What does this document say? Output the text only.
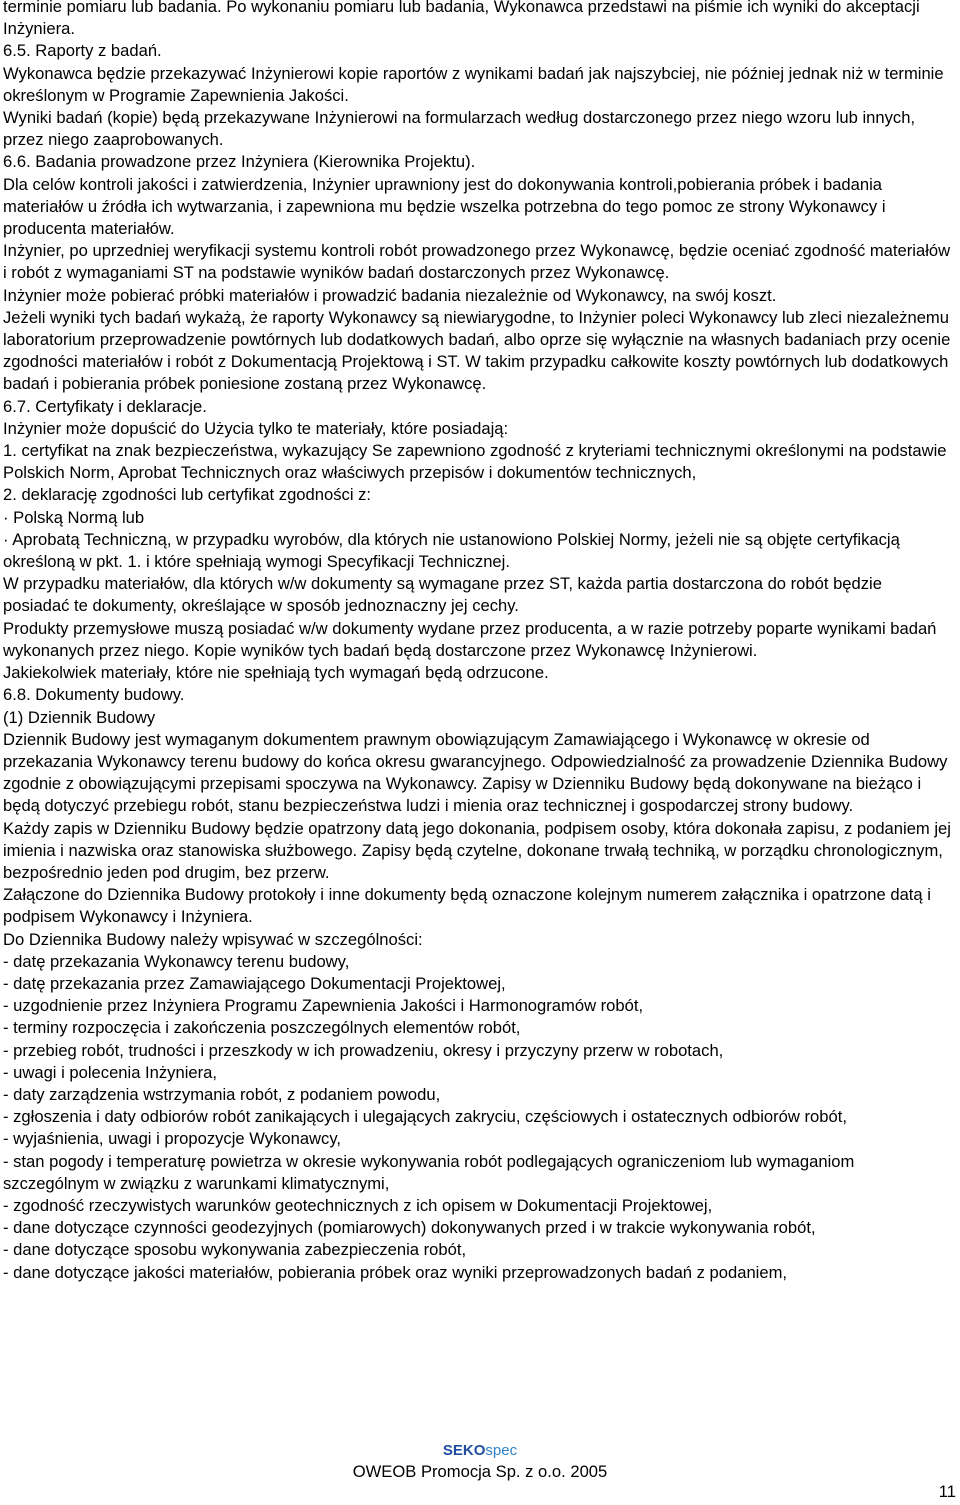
terminie pomiaru lub badania. Po wykonaniu pomiaru lub badania, Wykonawca przedstawi na piśmie ich wyniki do akceptacji Inżyniera.

6.5. Raporty z badań.

Wykonawca będzie przekazywać Inżynierowi kopie raportów z wynikami badań jak najszybciej, nie później jednak niż w terminie określonym w Programie Zapewnienia Jakości.

Wyniki badań (kopie) będą przekazywane Inżynierowi na formularzach według dostarczonego przez niego wzoru lub innych, przez niego zaaprobowanych.

6.6. Badania prowadzone przez Inżyniera (Kierownika Projektu).

Dla celów kontroli jakości i zatwierdzenia, Inżynier uprawniony jest do dokonywania kontroli,pobierania próbek i badania materiałów u źródła ich wytwarzania, i zapewniona mu będzie wszelka potrzebna do tego pomoc ze strony Wykonawcy i producenta materiałów.

Inżynier, po uprzedniej weryfikacji systemu kontroli robót prowadzonego przez Wykonawcę, będzie oceniać zgodność materiałów i robót z wymaganiami ST na podstawie wyników badań dostarczonych przez Wykonawcę.

Inżynier może pobierać próbki materiałów i prowadzić badania niezależnie od Wykonawcy, na swój koszt.

Jeżeli wyniki tych badań wykażą, że raporty Wykonawcy są niewiarygodne, to Inżynier poleci Wykonawcy lub zleci niezależnemu laboratorium przeprowadzenie powtórnych lub dodatkowych badań, albo oprze się wyłącznie na własnych badaniach przy ocenie zgodności materiałów i robót z Dokumentacją Projektową i ST. W takim przypadku całkowite koszty powtórnych lub dodatkowych

badań i pobierania próbek poniesione zostaną przez Wykonawcę.

6.7. Certyfikaty i deklaracje.

Inżynier może dopuścić do Użycia tylko te materiały, które posiadają:

1. certyfikat na znak bezpieczeństwa, wykazujący Se zapewniono zgodność z kryteriami technicznymi określonymi na podstawie Polskich Norm, Aprobat Technicznych oraz właściwych przepisów i dokumentów technicznych,

2. deklarację zgodności lub certyfikat zgodności z:

· Polską Normą lub

· Aprobatą Techniczną, w przypadku wyrobów, dla których nie ustanowiono Polskiej Normy, jeżeli nie są objęte certyfikacją określoną w pkt. 1. i które spełniają wymogi Specyfikacji Technicznej.

W przypadku materiałów, dla których w/w dokumenty są wymagane przez ST, każda partia dostarczona do robót będzie posiadać te dokumenty, określające w sposób jednoznaczny jej cechy.

Produkty przemysłowe muszą posiadać w/w dokumenty wydane przez producenta, a w razie potrzeby poparte wynikami badań wykonanych przez niego. Kopie wyników tych badań będą dostarczone przez Wykonawcę Inżynierowi.

Jakiekolwiek materiały, które nie spełniają tych wymagań będą odrzucone.

6.8. Dokumenty budowy.

(1) Dziennik Budowy

Dziennik Budowy jest wymaganym dokumentem prawnym obowiązującym Zamawiającego i Wykonawcę w okresie od przekazania Wykonawcy terenu budowy do końca okresu gwarancyjnego. Odpowiedzialność za prowadzenie Dziennika Budowy zgodnie z obowiązującymi przepisami spoczywa na Wykonawcy. Zapisy w Dzienniku Budowy będą dokonywane na bieżąco i będą dotyczyć przebiegu robót, stanu bezpieczeństwa ludzi i mienia oraz technicznej i gospodarczej strony budowy.

Każdy zapis w Dzienniku Budowy będzie opatrzony datą jego dokonania, podpisem osoby, która dokonała zapisu, z podaniem jej imienia i nazwiska oraz stanowiska służbowego. Zapisy będą czytelne, dokonane trwałą techniką, w porządku chronologicznym, bezpośrednio jeden pod drugim, bez przerw.

Załączone do Dziennika Budowy protokoły i inne dokumenty będą oznaczone kolejnym numerem załącznika i opatrzone datą i podpisem Wykonawcy i Inżyniera.

Do Dziennika Budowy należy wpisywać w szczególności:

- datę przekazania Wykonawcy terenu budowy,

- datę przekazania przez Zamawiającego Dokumentacji Projektowej,

- uzgodnienie przez Inżyniera Programu Zapewnienia Jakości i Harmonogramów robót,

- terminy rozpoczęcia i zakończenia poszczególnych elementów robót,

- przebieg robót, trudności i przeszkody w ich prowadzeniu, okresy i przyczyny przerw w robotach,

- uwagi i polecenia Inżyniera,

- daty zarządzenia wstrzymania robót, z podaniem powodu,

- zgłoszenia i daty odbiorów robót zanikających i ulegających zakryciu, częściowych i ostatecznych odbiorów robót,

- wyjaśnienia, uwagi i propozycje Wykonawcy,

- stan pogody i temperaturę powietrza w okresie wykonywania robót podlegających ograniczeniom lub wymaganiom szczególnym w związku z warunkami klimatycznymi,

- zgodność rzeczywistych warunków geotechnicznych z ich opisem w Dokumentacji Projektowej,

- dane dotyczące czynności geodezyjnych (pomiarowych) dokonywanych przed i w trakcie wykonywania robót,

- dane dotyczące sposobu wykonywania zabezpieczenia robót,

- dane dotyczące jakości materiałów, pobierania próbek oraz wyniki przeprowadzonych badań z podaniem,

SEKOspec
OWEOB Promocja Sp. z o.o. 2005
11
